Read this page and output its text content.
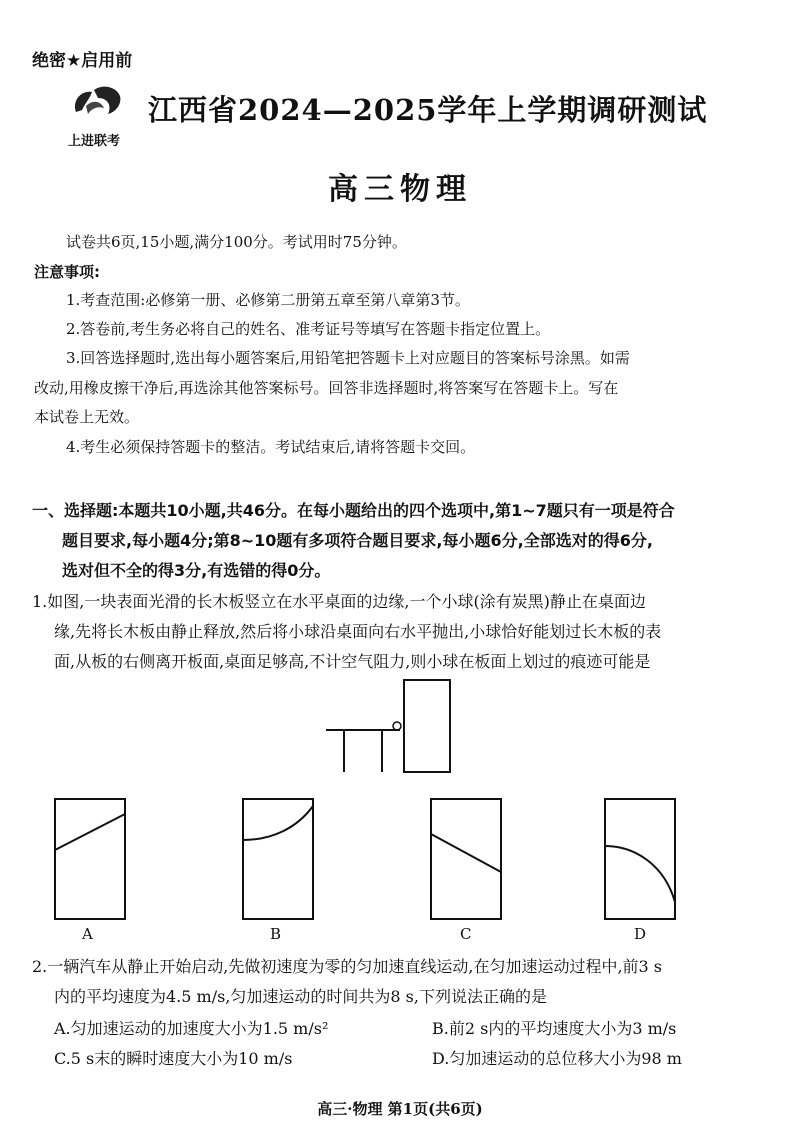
绝密★启用前
上进联考
江西省2024—2025学年上学期调研测试
高三物理
试卷共6页,15小题,满分100分。考试用时75分钟。
注意事项:
1.考查范围:必修第一册、必修第二册第五章至第八章第3节。
2.答卷前,考生务必将自己的姓名、准考证号等填写在答题卡指定位置上。
3.回答选择题时,选出每小题答案后,用铅笔把答题卡上对应题目的答案标号涂黑。如需
改动,用橡皮擦干净后,再选涂其他答案标号。回答非选择题时,将答案写在答题卡上。写在
本试卷上无效。
4.考生必须保持答题卡的整洁。考试结束后,请将答题卡交回。
一、选择题:本题共10小题,共46分。在每小题给出的四个选项中,第1~7题只有一项是符合
题目要求,每小题4分;第8~10题有多项符合题目要求,每小题6分,全部选对的得6分,
选对但不全的得3分,有选错的得0分。
1.如图,一块表面光滑的长木板竖立在水平桌面的边缘,一个小球(涂有炭黑)静止在桌面边
缘,先将长木板由静止释放,然后将小球沿桌面向右水平抛出,小球恰好能划过长木板的表
面,从板的右侧离开板面,桌面足够高,不计空气阻力,则小球在板面上划过的痕迹可能是
A	B	C	D
2.一辆汽车从静止开始启动,先做初速度为零的匀加速直线运动,在匀加速运动过程中,前3 s
内的平均速度为4.5 m/s,匀加速运动的时间共为8 s,下列说法正确的是
A.匀加速运动的加速度大小为1.5 m/s²	B.前2 s内的平均速度大小为3 m/s
C.5 s末的瞬时速度大小为10 m/s	D.匀加速运动的总位移大小为98 m
高三·物理 第1页(共6页)
